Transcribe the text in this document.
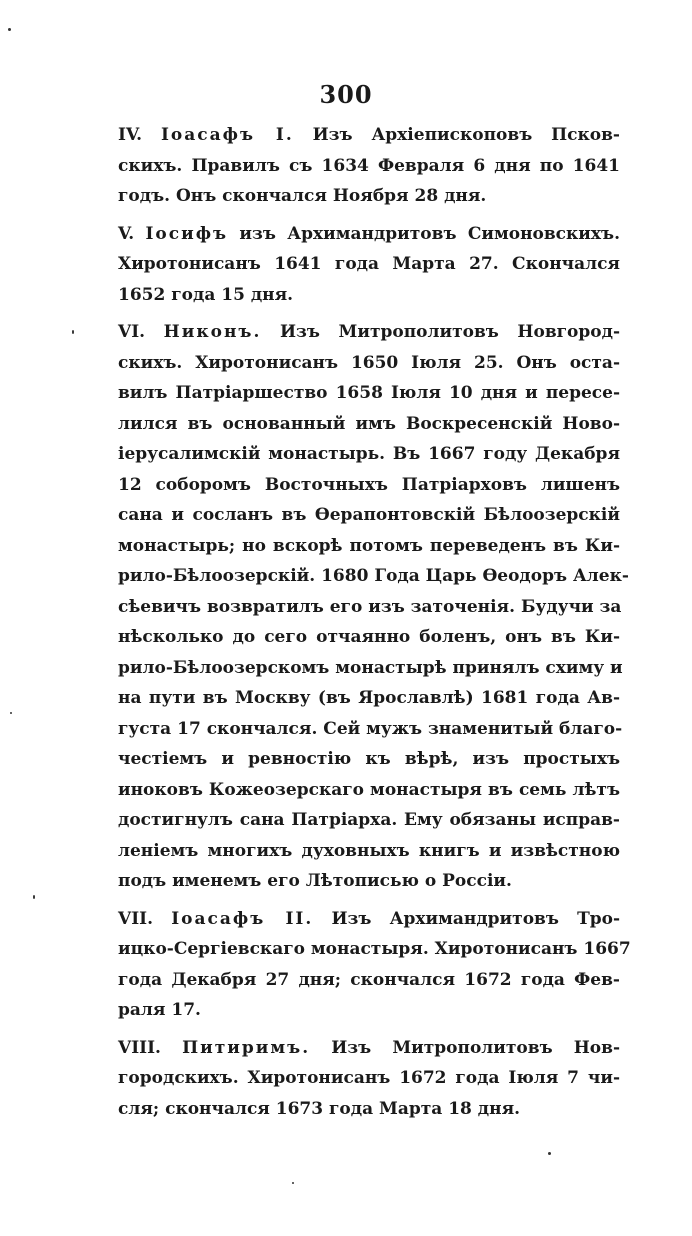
300

IV. Іоасафъ I. Изъ Архіепископовъ Псков-
скихъ. Правилъ съ 1634 Февраля 6 дня по 1641
годъ. Онъ скончался Ноября 28 дня.

V. Іосифъ изъ Архимандритовъ Симоновскихъ.
Хиротонисанъ 1641 года Марта 27. Скончался
1652 года 15 дня.

VI. Никонъ. Изъ Митрополитовъ Новгород-
скихъ. Хиротонисанъ 1650 Іюля 25. Онъ оста-
вилъ Патріаршество 1658 Іюля 10 дня и пересе-
лился въ основанный имъ Воскресенскій Ново-
іерусалимскій монастырь. Въ 1667 году Декабря
12 соборомъ Восточныхъ Патріарховъ лишенъ
сана и сосланъ въ Ѳерапонтовскій Бѣлоозерскій
монастырь; но вскорѣ потомъ переведенъ въ Ки-
рило-Бѣлоозерскій. 1680 Года Царь Ѳеодоръ Алек-
сѣевичъ возвратилъ его изъ заточенія. Будучи за
нѣсколько до сего отчаянно боленъ, онъ въ Ки-
рило-Бѣлоозерскомъ монастырѣ принялъ схиму и
на пути въ Москву (въ Ярославлѣ) 1681 года Ав-
густа 17 скончался. Сей мужъ знаменитый благо-
честіемъ и ревностію къ вѣрѣ, изъ простыхъ
иноковъ Кожеозерскаго монастыря въ семь лѣтъ
достигнулъ сана Патріарха. Ему обязаны исправ-
леніемъ многихъ духовныхъ книгъ и извѣстною
подъ именемъ его Лѣтописью о Россіи.

VII. Іоасафъ II. Изъ Архимандритовъ Тро-
ицко-Сергіевскаго монастыря. Хиротонисанъ 1667
года Декабря 27 дня; скончался 1672 года Фев-
раля 17.

VIII. Питиримъ. Изъ Митрополитовъ Нов-
городскихъ. Хиротонисанъ 1672 года Іюля 7 чи-
сля; скончался 1673 года Марта 18 дня.
